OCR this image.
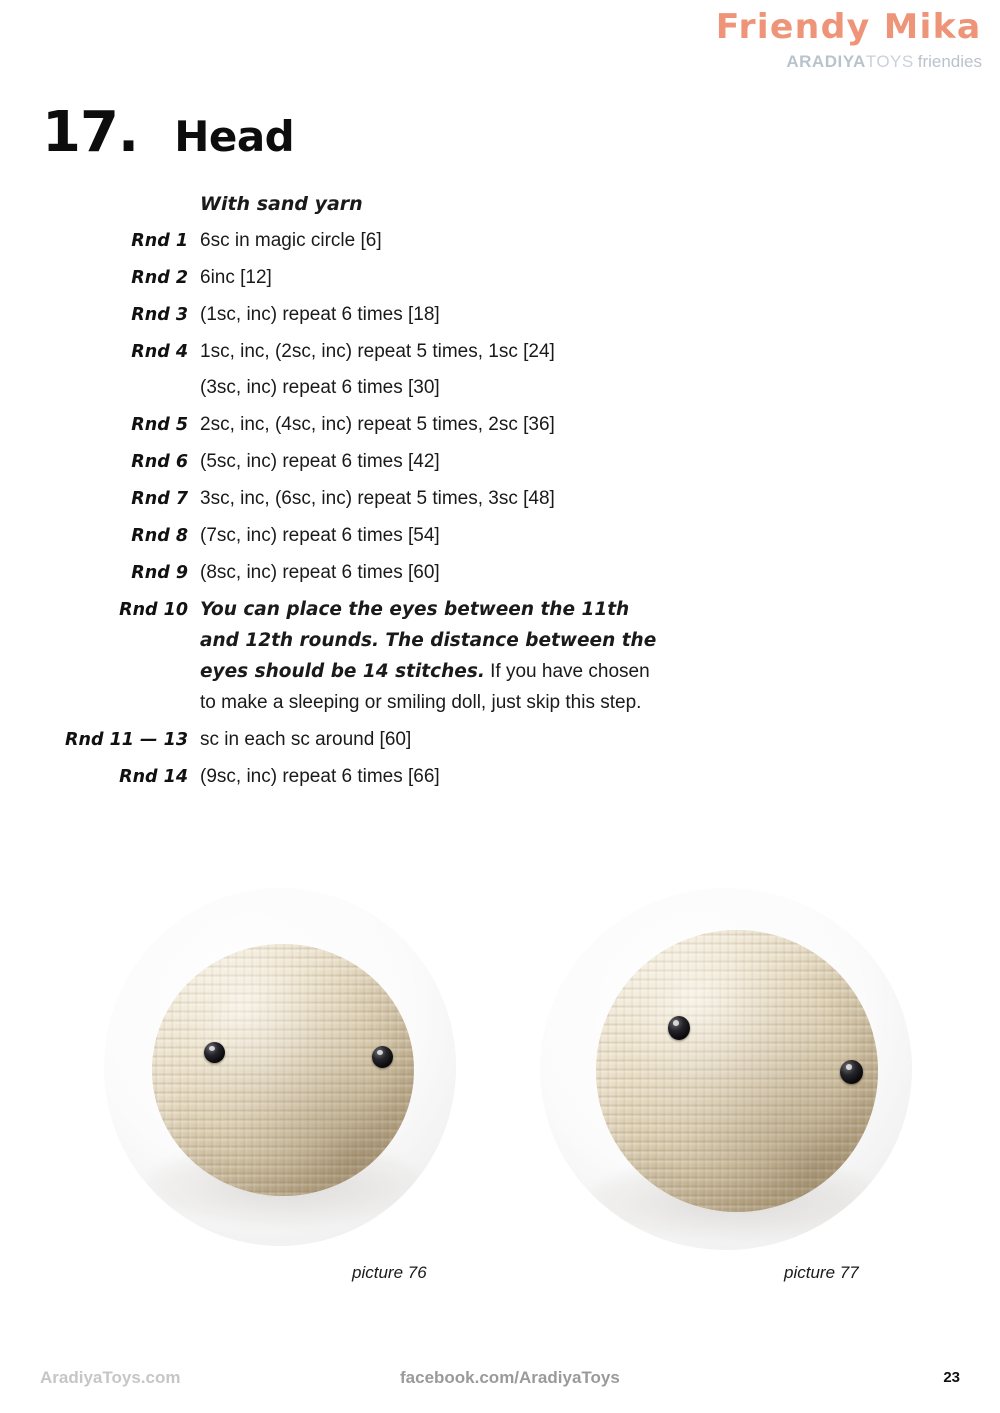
Friendy Mika
ARADIYATOYS friendies
17. Head
With sand yarn
Rnd 1 6sc in magic circle [6]
Rnd 2 6inc [12]
Rnd 3 (1sc, inc) repeat 6 times [18]
Rnd 4 1sc, inc, (2sc, inc) repeat 5 times, 1sc [24]
(3sc, inc) repeat 6 times [30]
Rnd 5 2sc, inc, (4sc, inc) repeat 5 times, 2sc [36]
Rnd 6 (5sc, inc) repeat 6 times [42]
Rnd 7 3sc, inc, (6sc, inc) repeat 5 times, 3sc [48]
Rnd 8 (7sc, inc) repeat 6 times [54]
Rnd 9 (8sc, inc) repeat 6 times [60]
Rnd 10 You can place the eyes between the 11th and 12th rounds. The distance between the eyes should be 14 stitches. If you have chosen to make a sleeping or smiling doll, just skip this step.
Rnd 11 — 13 sc in each sc around [60]
Rnd 14 (9sc, inc) repeat 6 times [66]
picture 76	picture 77
AradiyaToys.com	facebook.com/AradiyaToys	23
